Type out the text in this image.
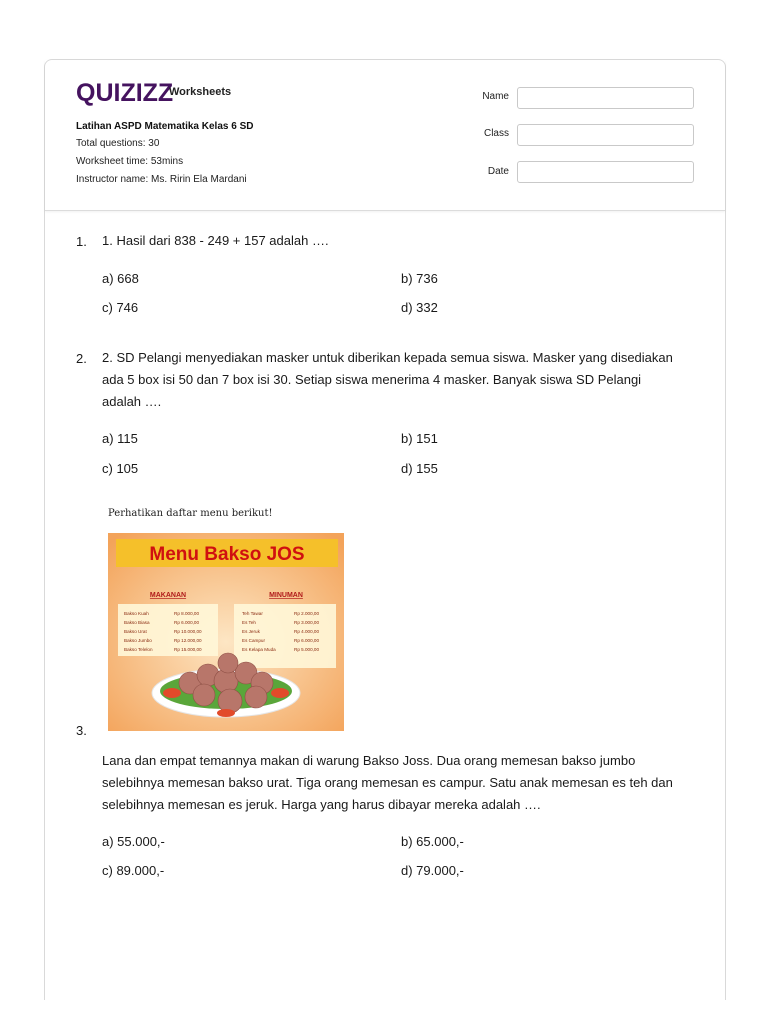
QUIZIZZ
Worksheets
Latihan ASPD Matematika Kelas 6 SD
Total questions: 30
Worksheet time: 53mins
Instructor name: Ms. Ririn Ela Mardani
Name
Class
Date
1. 1. Hasil dari 838 - 249 + 157 adalah ….
a) 668	b) 736
c) 746	d) 332
2. 2. SD Pelangi menyediakan masker untuk diberikan kepada semua siswa. Masker yang disediakan
ada 5 box isi 50 dan 7 box isi 30. Setiap siswa menerima 4 masker. Banyak siswa SD Pelangi
adalah ….
a) 115	b) 151
c) 105	d) 155
Perhatikan daftar menu berikut!
Menu Bakso JOS
MAKANAN	MINUMAN
Bakso Kuah	Rp 8.000,00
Bakso Biasa	Rp 6.000,00
Bakso Urat	Rp 10.000,00
Bakso Jumbo	Rp 12.000,00
Bakso Telelon	Rp 15.000,00
Teh Tawar	Rp 2.000,00
Es Teh	Rp 3.000,00
Es Jeruk	Rp 4.000,00
Es Campur	Rp 6.000,00
Es Kelapa Muda	Rp 5.000,00
3.
Lana dan empat temannya makan di warung Bakso Joss. Dua orang memesan bakso jumbo
selebihnya memesan bakso urat. Tiga orang memesan es campur. Satu anak memesan es teh dan
selebihnya memesan es jeruk. Harga yang harus dibayar mereka adalah ….
a) 55.000,-	b) 65.000,-
c) 89.000,-	d) 79.000,-
